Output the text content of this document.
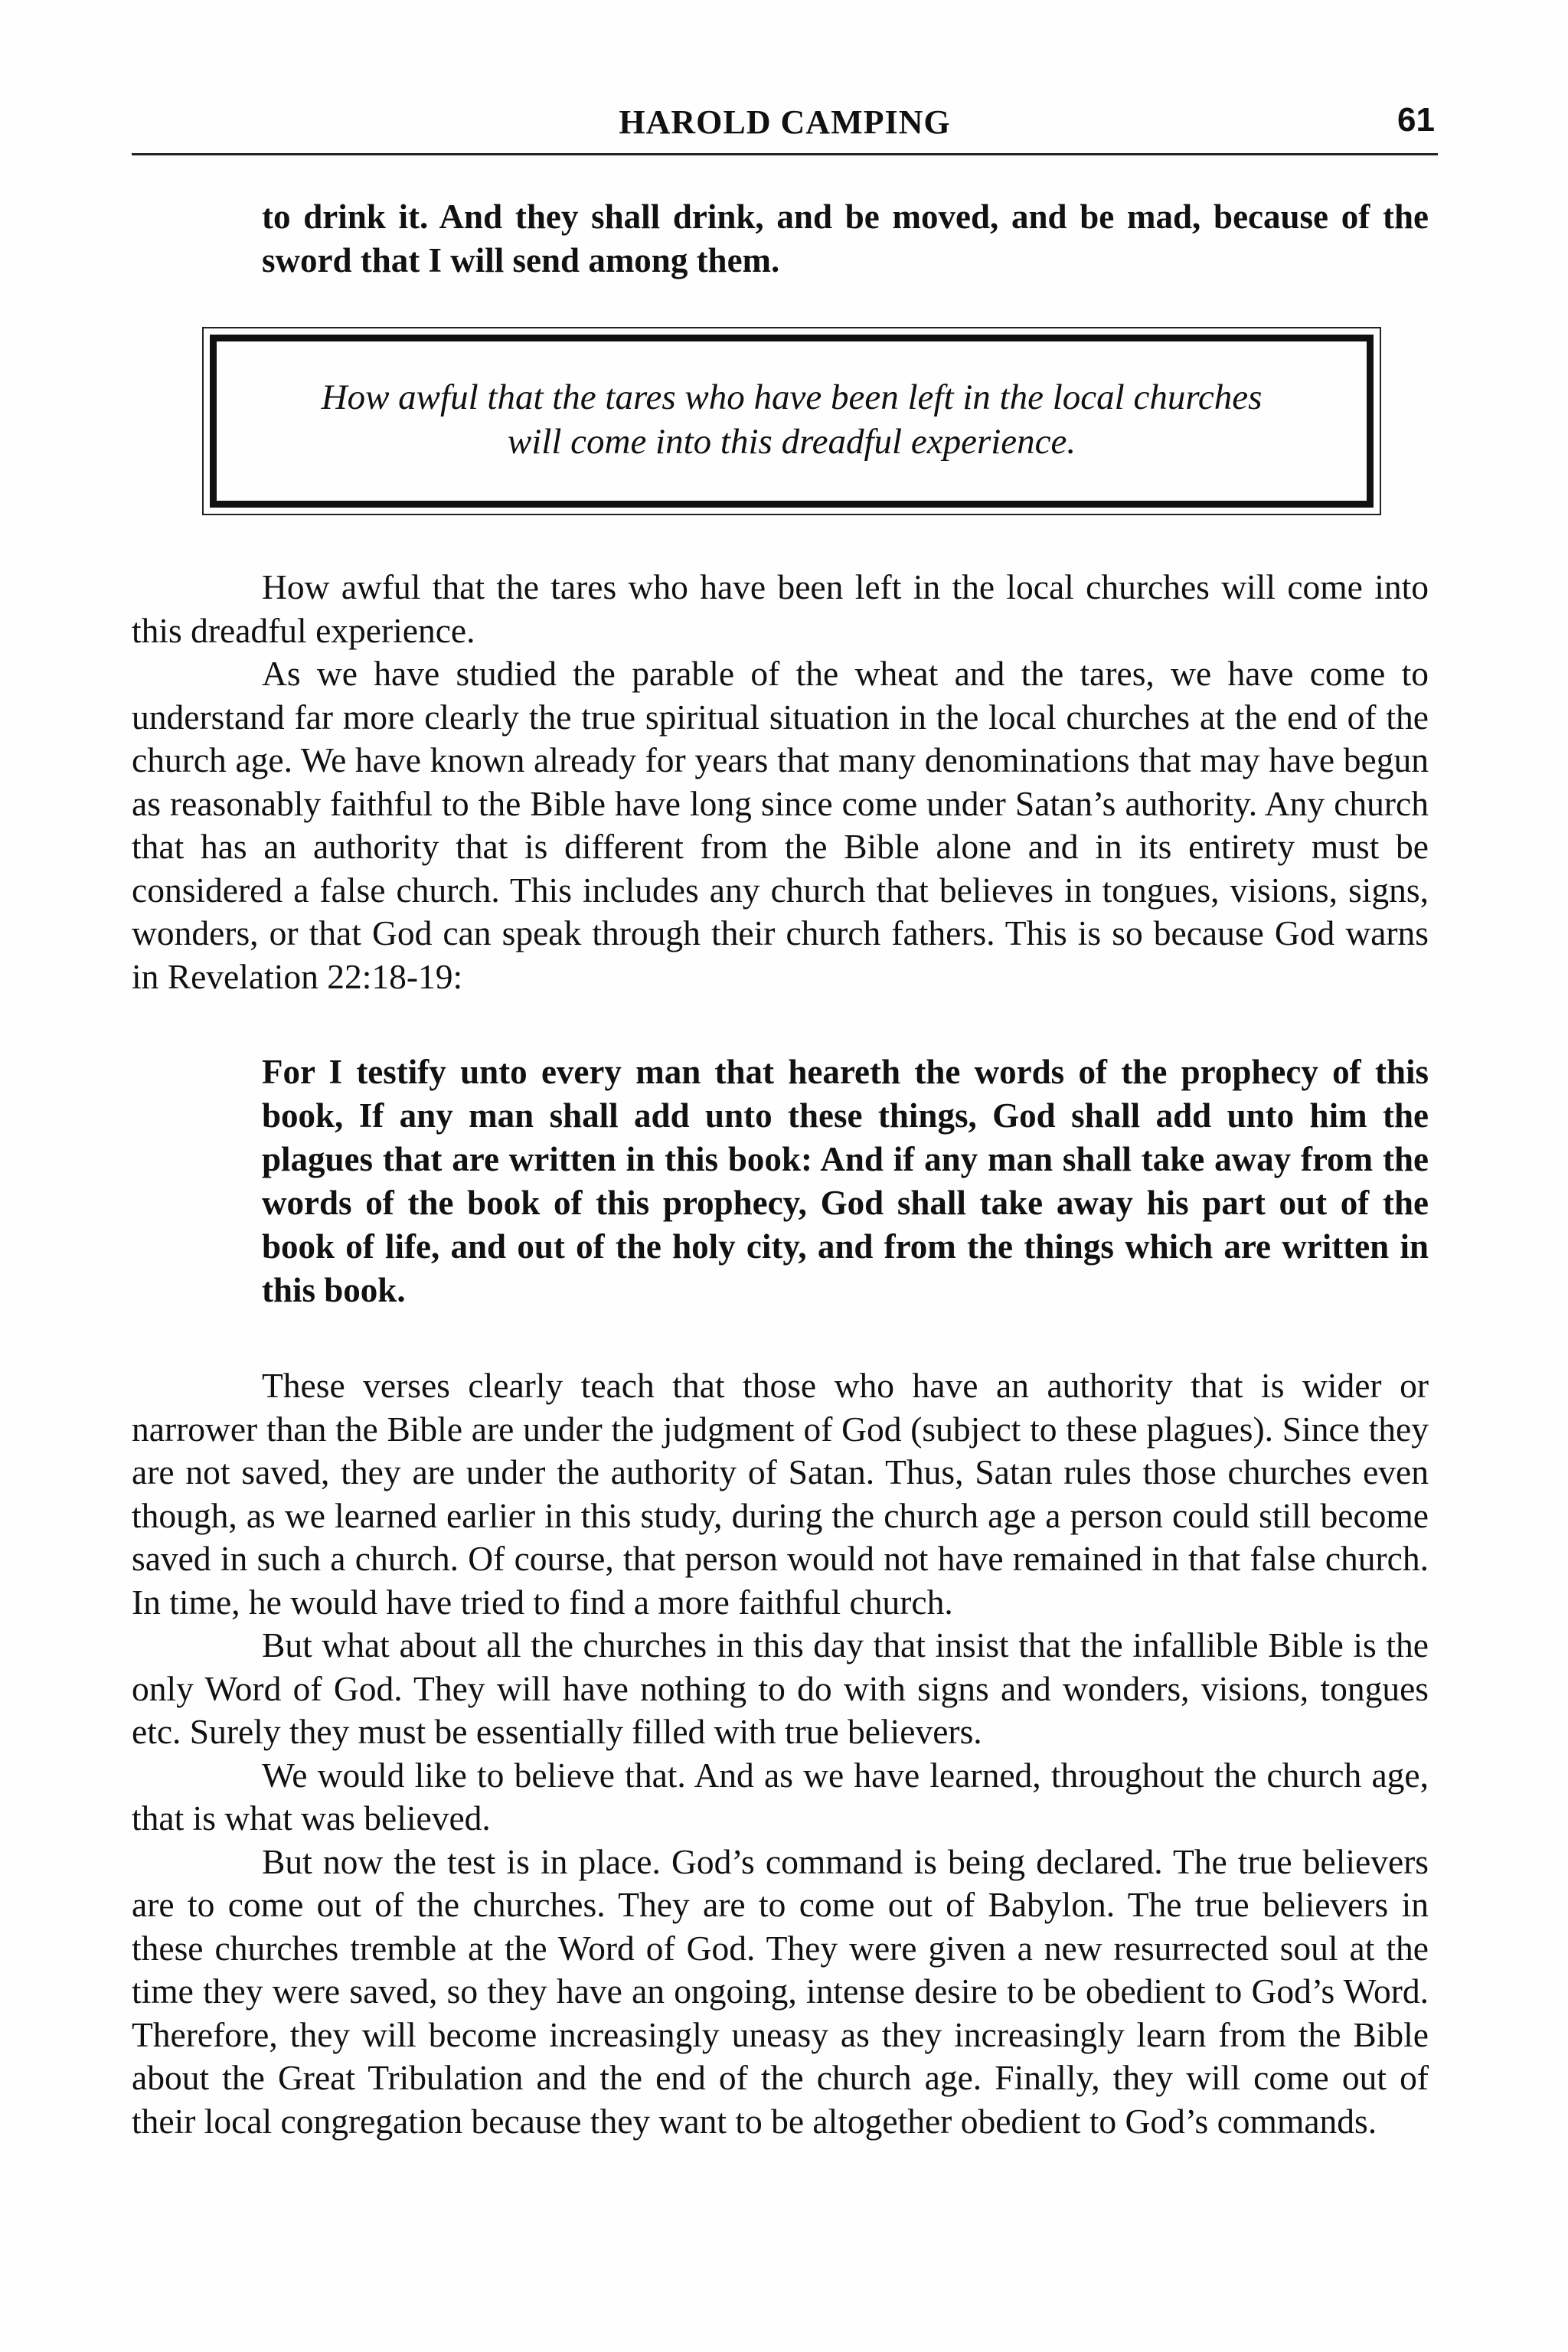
HAROLD CAMPING	61

to drink it. And they shall drink, and be moved, and be mad, because of the sword that I will send among them.

How awful that the tares who have been left in the local churches will come into this dreadful experience.

How awful that the tares who have been left in the local churches will come into this dreadful experience.

As we have studied the parable of the wheat and the tares, we have come to understand far more clearly the true spiritual situation in the local churches at the end of the church age. We have known already for years that many denominations that may have begun as reasonably faithful to the Bible have long since come under Satan’s authority. Any church that has an authority that is different from the Bible alone and in its entirety must be considered a false church. This includes any church that believes in tongues, visions, signs, wonders, or that God can speak through their church fathers. This is so because God warns in Revelation 22:18-19:

For I testify unto every man that heareth the words of the prophecy of this book, If any man shall add unto these things, God shall add unto him the plagues that are written in this book: And if any man shall take away from the words of the book of this prophecy, God shall take away his part out of the book of life, and out of the holy city, and from the things which are written in this book.

These verses clearly teach that those who have an authority that is wider or narrower than the Bible are under the judgment of God (subject to these plagues). Since they are not saved, they are under the authority of Satan. Thus, Satan rules those churches even though, as we learned earlier in this study, during the church age a person could still become saved in such a church. Of course, that person would not have remained in that false church. In time, he would have tried to find a more faithful church.

But what about all the churches in this day that insist that the infallible Bible is the only Word of God. They will have nothing to do with signs and wonders, visions, tongues etc. Surely they must be essentially filled with true believers.

We would like to believe that. And as we have learned, throughout the church age, that is what was believed.

But now the test is in place. God’s command is being declared. The true believers are to come out of the churches. They are to come out of Babylon. The true believers in these churches tremble at the Word of God. They were given a new resurrected soul at the time they were saved, so they have an ongoing, intense desire to be obedient to God’s Word. Therefore, they will become increasingly uneasy as they increasingly learn from the Bible about the Great Tribulation and the end of the church age. Finally, they will come out of their local congregation because they want to be altogether obedient to God’s commands.
